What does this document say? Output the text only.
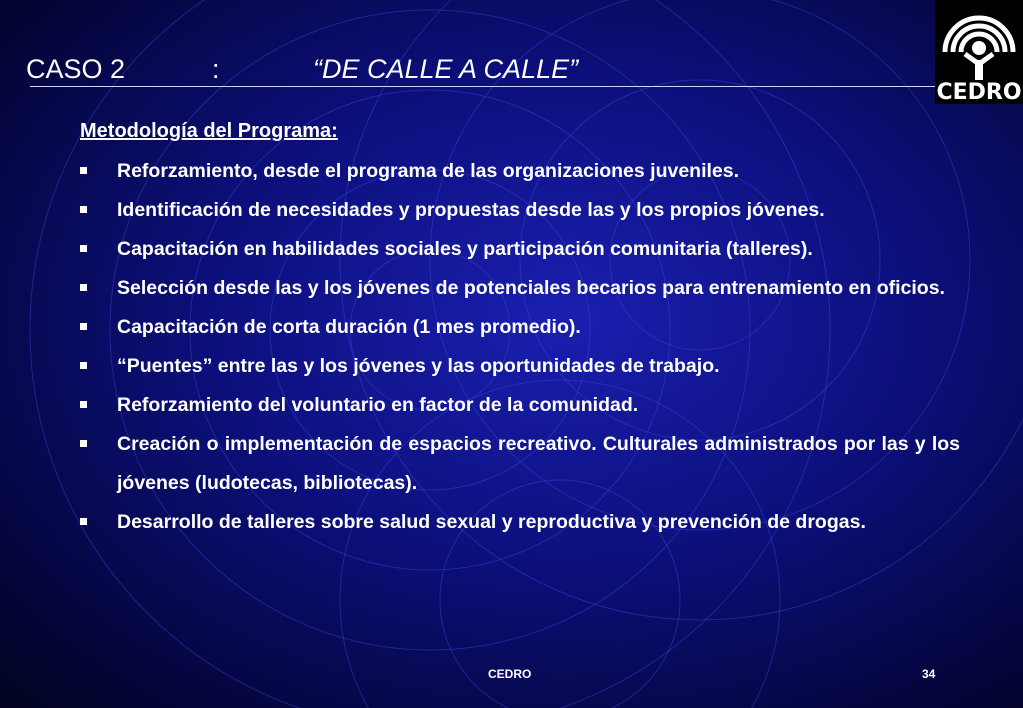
CASO 2	:	“DE CALLE A CALLE”
CEDRO
Metodología del Programa:
Reforzamiento, desde el programa de las organizaciones juveniles.
Identificación de necesidades y propuestas desde las y los propios jóvenes.
Capacitación en habilidades sociales y participación comunitaria (talleres).
Selección desde las y los jóvenes de potenciales becarios para entrenamiento en oficios.
Capacitación de corta duración (1 mes promedio).
“Puentes” entre las y los jóvenes y las oportunidades de trabajo.
Reforzamiento del voluntario en factor de la comunidad.
Creación o implementación de espacios recreativo. Culturales administrados por las y los jóvenes (ludotecas, bibliotecas).
Desarrollo de talleres sobre salud sexual y reproductiva y prevención de drogas.
CEDRO	34
